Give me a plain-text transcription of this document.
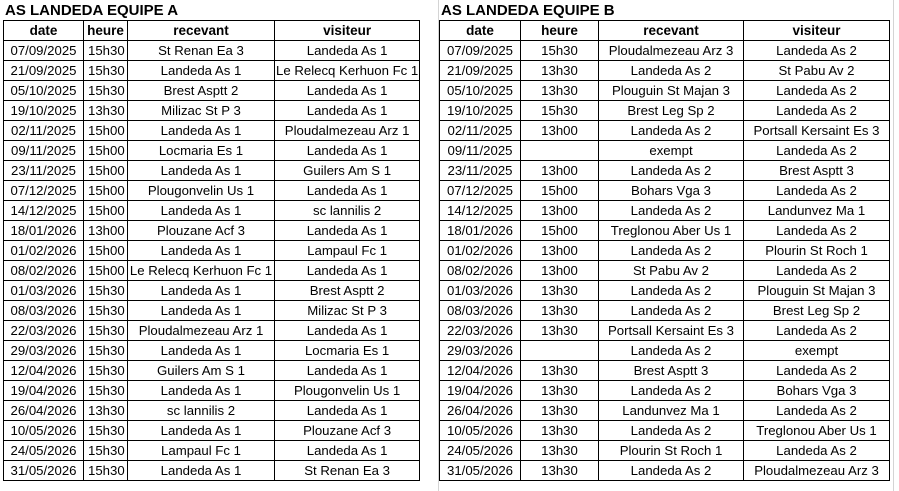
AS LANDEDA EQUIPE A
date	heure	recevant	visiteur
07/09/2025	15h30	St Renan Ea 3	Landeda As 1
21/09/2025	15h30	Landeda As 1	Le Relecq Kerhuon Fc 1
05/10/2025	15h30	Brest Asptt 2	Landeda As 1
19/10/2025	13h30	Milizac St P 3	Landeda As 1
02/11/2025	15h00	Landeda As 1	Ploudalmezeau Arz 1
09/11/2025	15h00	Locmaria Es 1	Landeda As 1
23/11/2025	15h00	Landeda As 1	Guilers Am S 1
07/12/2025	15h00	Plougonvelin Us 1	Landeda As 1
14/12/2025	15h00	Landeda As 1	sc lannilis 2
18/01/2026	13h00	Plouzane Acf 3	Landeda As 1
01/02/2026	15h00	Landeda As 1	Lampaul Fc 1
08/02/2026	15h00	Le Relecq Kerhuon Fc 1	Landeda As 1
01/03/2026	15h30	Landeda As 1	Brest Asptt 2
08/03/2026	15h30	Landeda As 1	Milizac St P 3
22/03/2026	15h30	Ploudalmezeau Arz 1	Landeda As 1
29/03/2026	15h30	Landeda As 1	Locmaria Es 1
12/04/2026	15h30	Guilers Am S 1	Landeda As 1
19/04/2026	15h30	Landeda As 1	Plougonvelin Us 1
26/04/2026	13h30	sc lannilis 2	Landeda As 1
10/05/2026	15h30	Landeda As 1	Plouzane Acf 3
24/05/2026	15h30	Lampaul Fc 1	Landeda As 1
31/05/2026	15h30	Landeda As 1	St Renan Ea 3
AS LANDEDA EQUIPE B
date	heure	recevant	visiteur
07/09/2025	15h30	Ploudalmezeau Arz 3	Landeda As 2
21/09/2025	13h30	Landeda As 2	St Pabu Av 2
05/10/2025	13h30	Plouguin St Majan 3	Landeda As 2
19/10/2025	15h30	Brest Leg Sp 2	Landeda As 2
02/11/2025	13h00	Landeda As 2	Portsall Kersaint Es 3
09/11/2025		exempt	Landeda As 2
23/11/2025	13h00	Landeda As 2	Brest Asptt 3
07/12/2025	15h00	Bohars Vga 3	Landeda As 2
14/12/2025	13h00	Landeda As 2	Landunvez Ma 1
18/01/2026	15h00	Treglonou Aber Us 1	Landeda As 2
01/02/2026	13h00	Landeda As 2	Plourin St Roch 1
08/02/2026	13h00	St Pabu Av 2	Landeda As 2
01/03/2026	13h30	Landeda As 2	Plouguin St Majan 3
08/03/2026	13h30	Landeda As 2	Brest Leg Sp 2
22/03/2026	13h30	Portsall Kersaint Es 3	Landeda As 2
29/03/2026		Landeda As 2	exempt
12/04/2026	13h30	Brest Asptt 3	Landeda As 2
19/04/2026	13h30	Landeda As 2	Bohars Vga 3
26/04/2026	13h30	Landunvez Ma 1	Landeda As 2
10/05/2026	13h30	Landeda As 2	Treglonou Aber Us 1
24/05/2026	13h30	Plourin St Roch 1	Landeda As 2
31/05/2026	13h30	Landeda As 2	Ploudalmezeau Arz 3
